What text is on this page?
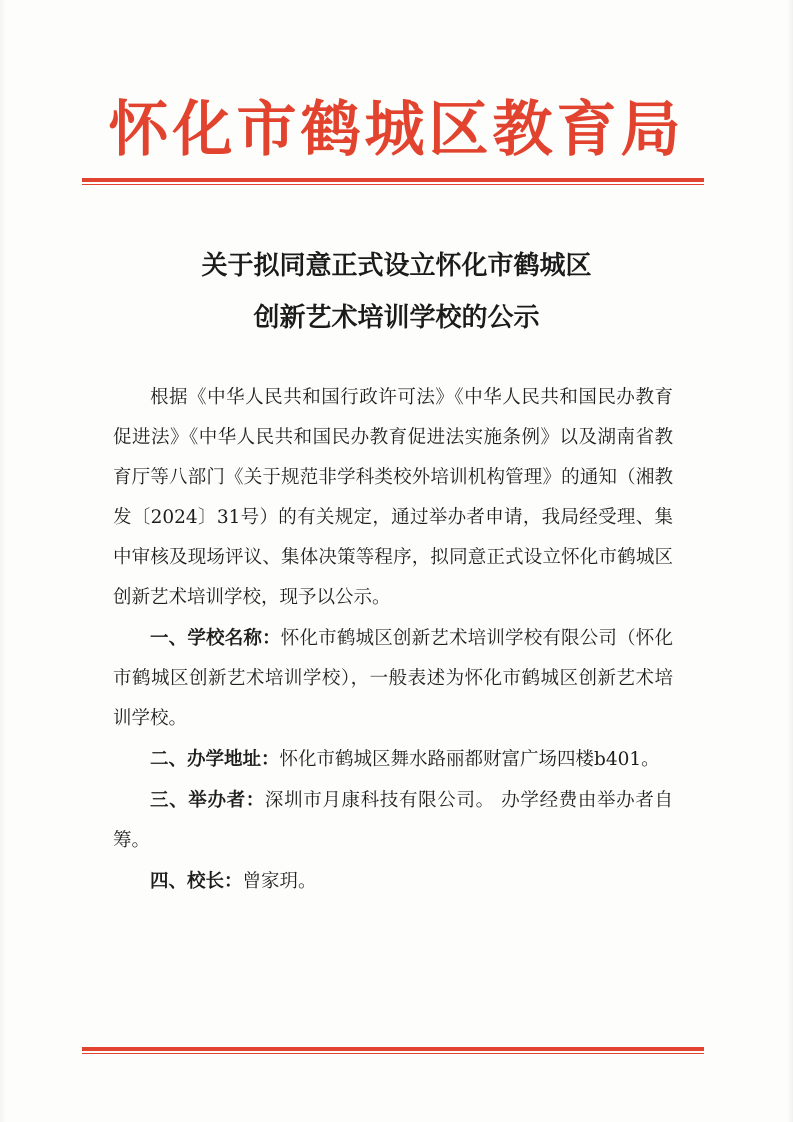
怀化市鹤城区教育局
关于拟同意正式设立怀化市鹤城区
创新艺术培训学校的公示

根据《中华人民共和国行政许可法》《中华人民共和国民办教育促进法》《中华人民共和国民办教育促进法实施条例》以及湖南省教育厅等八部门《关于规范非学科类校外培训机构管理》的通知（湘教发〔2024〕31号）的有关规定，通过举办者申请，我局经受理、集中审核及现场评议、集体决策等程序，拟同意正式设立怀化市鹤城区创新艺术培训学校，现予以公示。

一、学校名称：怀化市鹤城区创新艺术培训学校有限公司（怀化市鹤城区创新艺术培训学校），一般表述为怀化市鹤城区创新艺术培训学校。

二、办学地址：怀化市鹤城区舞水路丽都财富广场四楼b401。

三、举办者：深圳市月康科技有限公司。 办学经费由举办者自筹。

四、校长：曾家玥。
